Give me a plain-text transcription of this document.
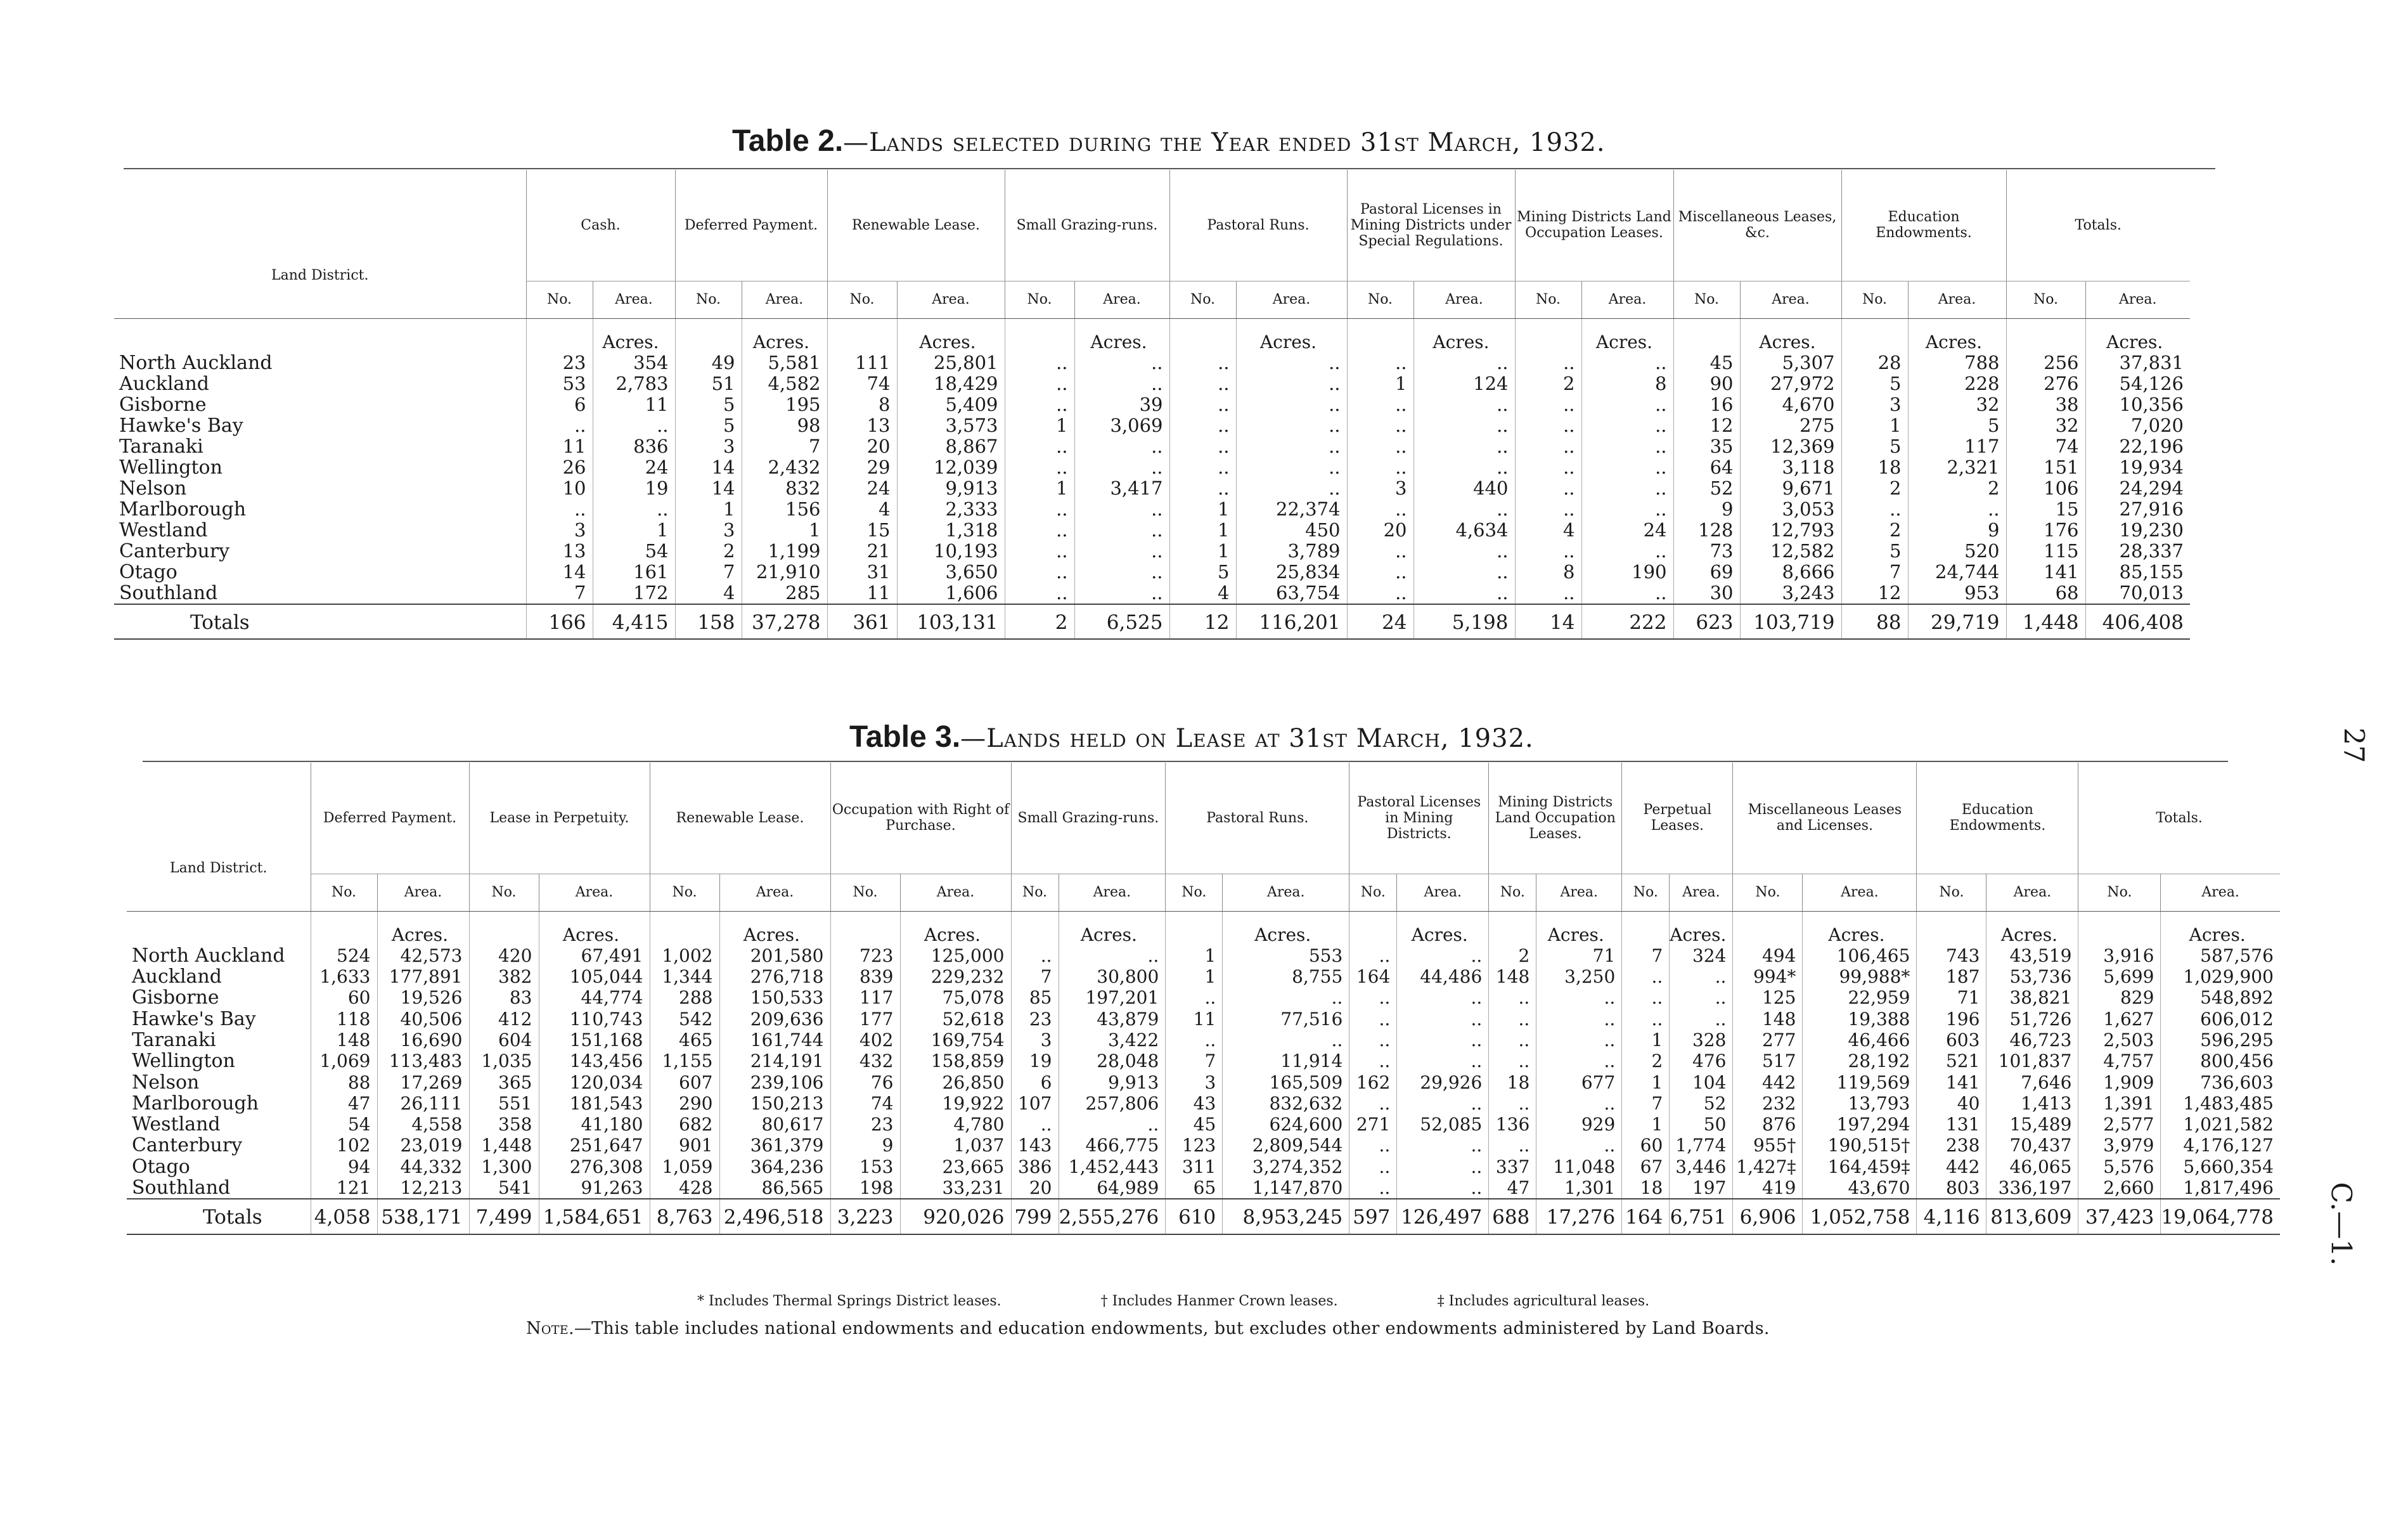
27
C.—1.
Table 2.—Lands selected during the Year ended 31st March, 1932.
Land District.	Cash.		Deferred Payment.		Renewable Lease.		Small Grazing-runs.		Pastoral Runs.		Pastoral Licenses in Mining Districts under Special Regulations.		Mining Districts Land Occupation Leases.		Miscellaneous Leases, &c.		Education Endowments.		Totals.	
	No.	Area.	No.	Area.	No.	Area.	No.	Area.	No.	Area.	No.	Area.	No.	Area.	No.	Area.	No.	Area.	No.	Area.
		Acres.		Acres.		Acres.		Acres.		Acres.		Acres.		Acres.		Acres.		Acres.		Acres.
North Auckland	23	354	49	5,581	111	25,801	..	..	..	..	..	..	..	..	45	5,307	28	788	256	37,831
Auckland	53	2,783	51	4,582	74	18,429	..	..	..	..	1	124	2	8	90	27,972	5	228	276	54,126
Gisborne	6	11	5	195	8	5,409	..	39	..	..	..	..	..	..	16	4,670	3	32	38	10,356
Hawke's Bay	..	..	5	98	13	3,573	1	3,069	..	..	..	..	..	..	12	275	1	5	32	7,020
Taranaki	11	836	3	7	20	8,867	..	..	..	..	..	..	..	..	35	12,369	5	117	74	22,196
Wellington	26	24	14	2,432	29	12,039	..	..	..	..	..	..	..	..	64	3,118	18	2,321	151	19,934
Nelson	10	19	14	832	24	9,913	1	3,417	..	..	3	440	..	..	52	9,671	2	2	106	24,294
Marlborough	..	..	1	156	4	2,333	..	..	1	22,374	..	..	..	..	9	3,053	..	..	15	27,916
Westland	3	1	3	1	15	1,318	..	..	1	450	20	4,634	4	24	128	12,793	2	9	176	19,230
Canterbury	13	54	2	1,199	21	10,193	..	..	1	3,789	..	..	..	..	73	12,582	5	520	115	28,337
Otago	14	161	7	21,910	31	3,650	..	..	5	25,834	..	..	8	190	69	8,666	7	24,744	141	85,155
Southland	7	172	4	285	11	1,606	..	..	4	63,754	..	..	..	..	30	3,243	12	953	68	70,013
Totals	166	4,415	158	37,278	361	103,131	2	6,525	12	116,201	24	5,198	14	222	623	103,719	88	29,719	1,448	406,408
Table 3.—Lands held on Lease at 31st March, 1932.
Land District.	Deferred Payment.		Lease in Perpetuity.		Renewable Lease.		Occupation with Right of Purchase.		Small Grazing-runs.		Pastoral Runs.		Pastoral Licenses in Mining Districts.		Mining Districts Land Occupation Leases.		Perpetual Leases.		Miscellaneous Leases and Licenses.		Education Endowments.		Totals.	
	No.	Area.	No.	Area.	No.	Area.	No.	Area.	No.	Area.	No.	Area.	No.	Area.	No.	Area.	No.	Area.	No.	Area.	No.	Area.	No.	Area.
		Acres.		Acres.		Acres.		Acres.		Acres.		Acres.		Acres.		Acres.		Acres.		Acres.		Acres.		Acres.
North Auckland	524	42,573	420	67,491	1,002	201,580	723	125,000	..	..	1	553	..	..	2	71	7	324	494	106,465	743	43,519	3,916	587,576
Auckland	1,633	177,891	382	105,044	1,344	276,718	839	229,232	7	30,800	1	8,755	164	44,486	148	3,250	..	..	994*	99,988*	187	53,736	5,699	1,029,900
Gisborne	60	19,526	83	44,774	288	150,533	117	75,078	85	197,201	..	..	..	..	..	..	..	..	125	22,959	71	38,821	829	548,892
Hawke's Bay	118	40,506	412	110,743	542	209,636	177	52,618	23	43,879	11	77,516	..	..	..	..	..	..	148	19,388	196	51,726	1,627	606,012
Taranaki	148	16,690	604	151,168	465	161,744	402	169,754	3	3,422	..	..	..	..	..	..	1	328	277	46,466	603	46,723	2,503	596,295
Wellington	1,069	113,483	1,035	143,456	1,155	214,191	432	158,859	19	28,048	7	11,914	..	..	..	..	2	476	517	28,192	521	101,837	4,757	800,456
Nelson	88	17,269	365	120,034	607	239,106	76	26,850	6	9,913	3	165,509	162	29,926	18	677	1	104	442	119,569	141	7,646	1,909	736,603
Marlborough	47	26,111	551	181,543	290	150,213	74	19,922	107	257,806	43	832,632	..	..	..	..	7	52	232	13,793	40	1,413	1,391	1,483,485
Westland	54	4,558	358	41,180	682	80,617	23	4,780	..	..	45	624,600	271	52,085	136	929	1	50	876	197,294	131	15,489	2,577	1,021,582
Canterbury	102	23,019	1,448	251,647	901	361,379	9	1,037	143	466,775	123	2,809,544	..	..	..	..	60	1,774	955†	190,515†	238	70,437	3,979	4,176,127
Otago	94	44,332	1,300	276,308	1,059	364,236	153	23,665	386	1,452,443	311	3,274,352	..	..	337	11,048	67	3,446	1,427‡	164,459‡	442	46,065	5,576	5,660,354
Southland	121	12,213	541	91,263	428	86,565	198	33,231	20	64,989	65	1,147,870	..	..	47	1,301	18	197	419	43,670	803	336,197	2,660	1,817,496
Totals	4,058	538,171	7,499	1,584,651	8,763	2,496,518	3,223	920,026	799	2,555,276	610	8,953,245	597	126,497	688	17,276	164	6,751	6,906	1,052,758	4,116	813,609	37,423	19,064,778
* Includes Thermal Springs District leases.	† Includes Hanmer Crown leases.	‡ Includes agricultural leases.
Note.—This table includes national endowments and education endowments, but excludes other endowments administered by Land Boards.
